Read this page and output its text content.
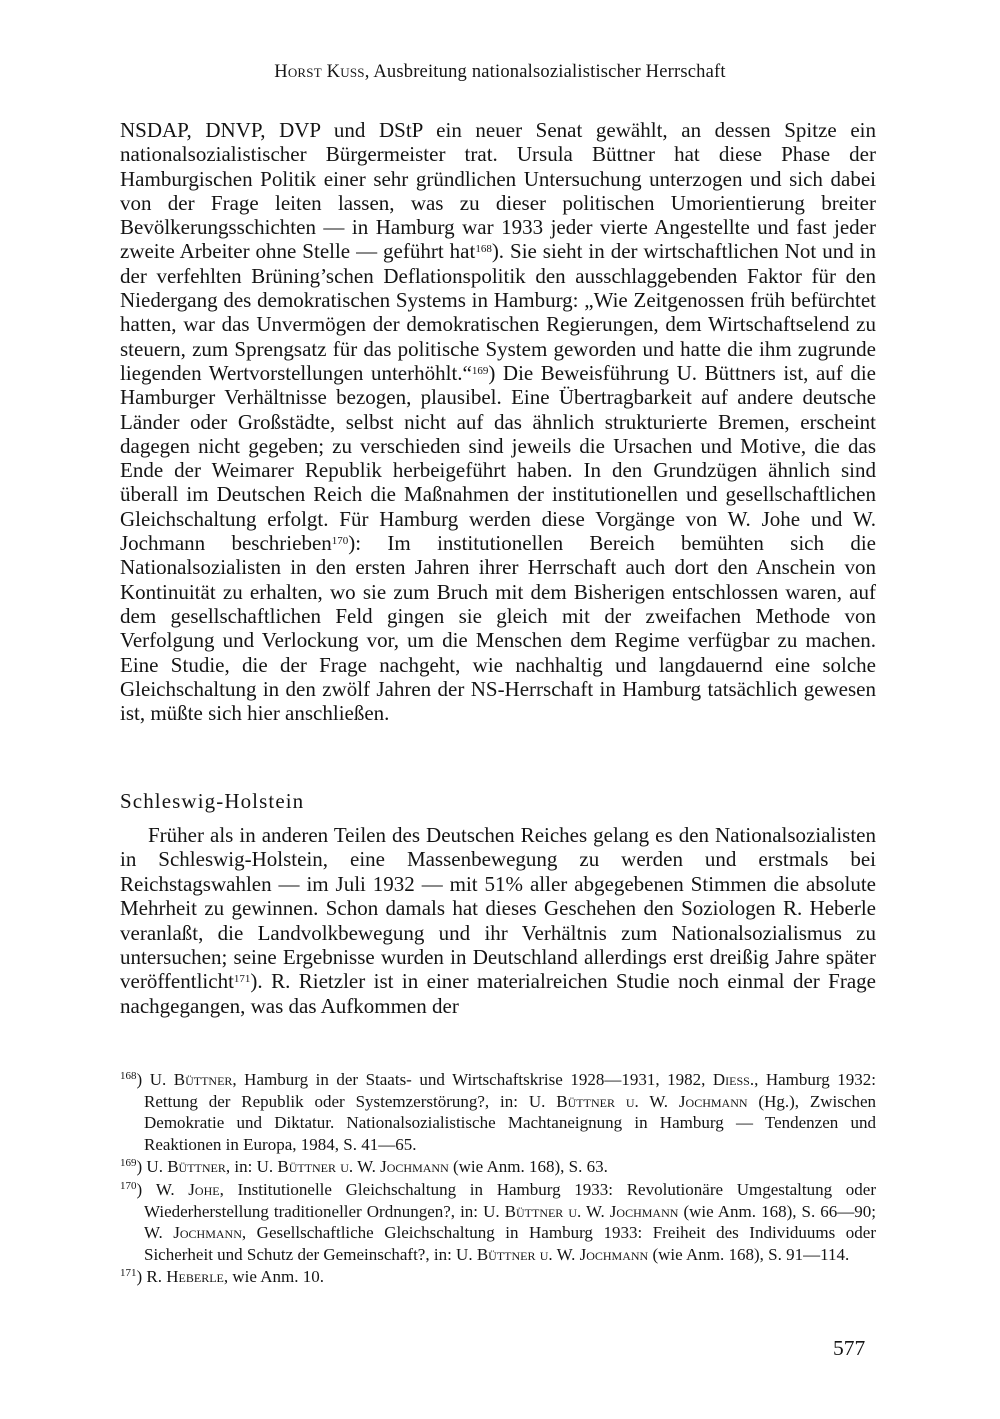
Horst Kuss, Ausbreitung nationalsozialistischer Herrschaft

NSDAP, DNVP, DVP und DStP ein neuer Senat gewählt, an dessen Spitze ein nationalsozialistischer Bürgermeister trat. Ursula Büttner hat diese Phase der Hamburgischen Politik einer sehr gründlichen Untersuchung unterzogen und sich dabei von der Frage leiten lassen, was zu dieser politischen Umorientierung breiter Bevölkerungsschichten — in Hamburg war 1933 jeder vierte Angestellte und fast jeder zweite Arbeiter ohne Stelle — geführt hat$^{168}$). Sie sieht in der wirtschaftlichen Not und in der verfehlten Brüning’schen Deflationspolitik den ausschlaggebenden Faktor für den Niedergang des demokratischen Systems in Hamburg: „Wie Zeitgenossen früh befürchtet hatten, war das Unvermögen der demokratischen Regierungen, dem Wirtschaftselend zu steuern, zum Sprengsatz für das politische System geworden und hatte die ihm zugrunde liegenden Wertvorstellungen unterhöhlt.“$^{169}$) Die Beweisführung U. Büttners ist, auf die Hamburger Verhältnisse bezogen, plausibel. Eine Übertragbarkeit auf andere deutsche Länder oder Großstädte, selbst nicht auf das ähnlich strukturierte Bremen, erscheint dagegen nicht gegeben; zu verschieden sind jeweils die Ursachen und Motive, die das Ende der Weimarer Republik herbeigeführt haben. In den Grundzügen ähnlich sind überall im Deutschen Reich die Maßnahmen der institutionellen und gesellschaftlichen Gleichschaltung erfolgt. Für Hamburg werden diese Vorgänge von W. Johe und W. Jochmann beschrieben$^{170}$): Im institutionellen Bereich bemühten sich die Nationalsozialisten in den ersten Jahren ihrer Herrschaft auch dort den Anschein von Kontinuität zu erhalten, wo sie zum Bruch mit dem Bisherigen entschlossen waren, auf dem gesellschaftlichen Feld gingen sie gleich mit der zweifachen Methode von Verfolgung und Verlockung vor, um die Menschen dem Regime verfügbar zu machen. Eine Studie, die der Frage nachgeht, wie nachhaltig und langdauernd eine solche Gleichschaltung in den zwölf Jahren der NS-Herrschaft in Hamburg tatsächlich gewesen ist, müßte sich hier anschließen.

Schleswig-Holstein

Früher als in anderen Teilen des Deutschen Reiches gelang es den Nationalsozialisten in Schleswig-Holstein, eine Massenbewegung zu werden und erstmals bei Reichstagswahlen — im Juli 1932 — mit 51% aller abgegebenen Stimmen die absolute Mehrheit zu gewinnen. Schon damals hat dieses Geschehen den Soziologen R. Heberle veranlaßt, die Landvolkbewegung und ihr Verhältnis zum Nationalsozialismus zu untersuchen; seine Ergebnisse wurden in Deutschland allerdings erst dreißig Jahre später veröffentlicht$^{171}$). R. Rietzler ist in einer materialreichen Studie noch einmal der Frage nachgegangen, was das Aufkommen der

$^{168}$) U. Büttner, Hamburg in der Staats- und Wirtschaftskrise 1928—1931, 1982, Diess., Hamburg 1932: Rettung der Republik oder Systemzerstörung?, in: U. Büttner u. W. Jochmann (Hg.), Zwischen Demokratie und Diktatur. Nationalsozialistische Machtaneignung in Hamburg — Tendenzen und Reaktionen in Europa, 1984, S. 41—65.

$^{169}$) U. Büttner, in: U. Büttner u. W. Jochmann (wie Anm. 168), S. 63.

$^{170}$) W. Johe, Institutionelle Gleichschaltung in Hamburg 1933: Revolutionäre Umgestaltung oder Wiederherstellung traditioneller Ordnungen?, in: U. Büttner u. W. Jochmann (wie Anm. 168), S. 66—90; W. Jochmann, Gesellschaftliche Gleichschaltung in Hamburg 1933: Freiheit des Individuums oder Sicherheit und Schutz der Gemeinschaft?, in: U. Büttner u. W. Jochmann (wie Anm. 168), S. 91—114.

$^{171}$) R. Heberle, wie Anm. 10.

577
